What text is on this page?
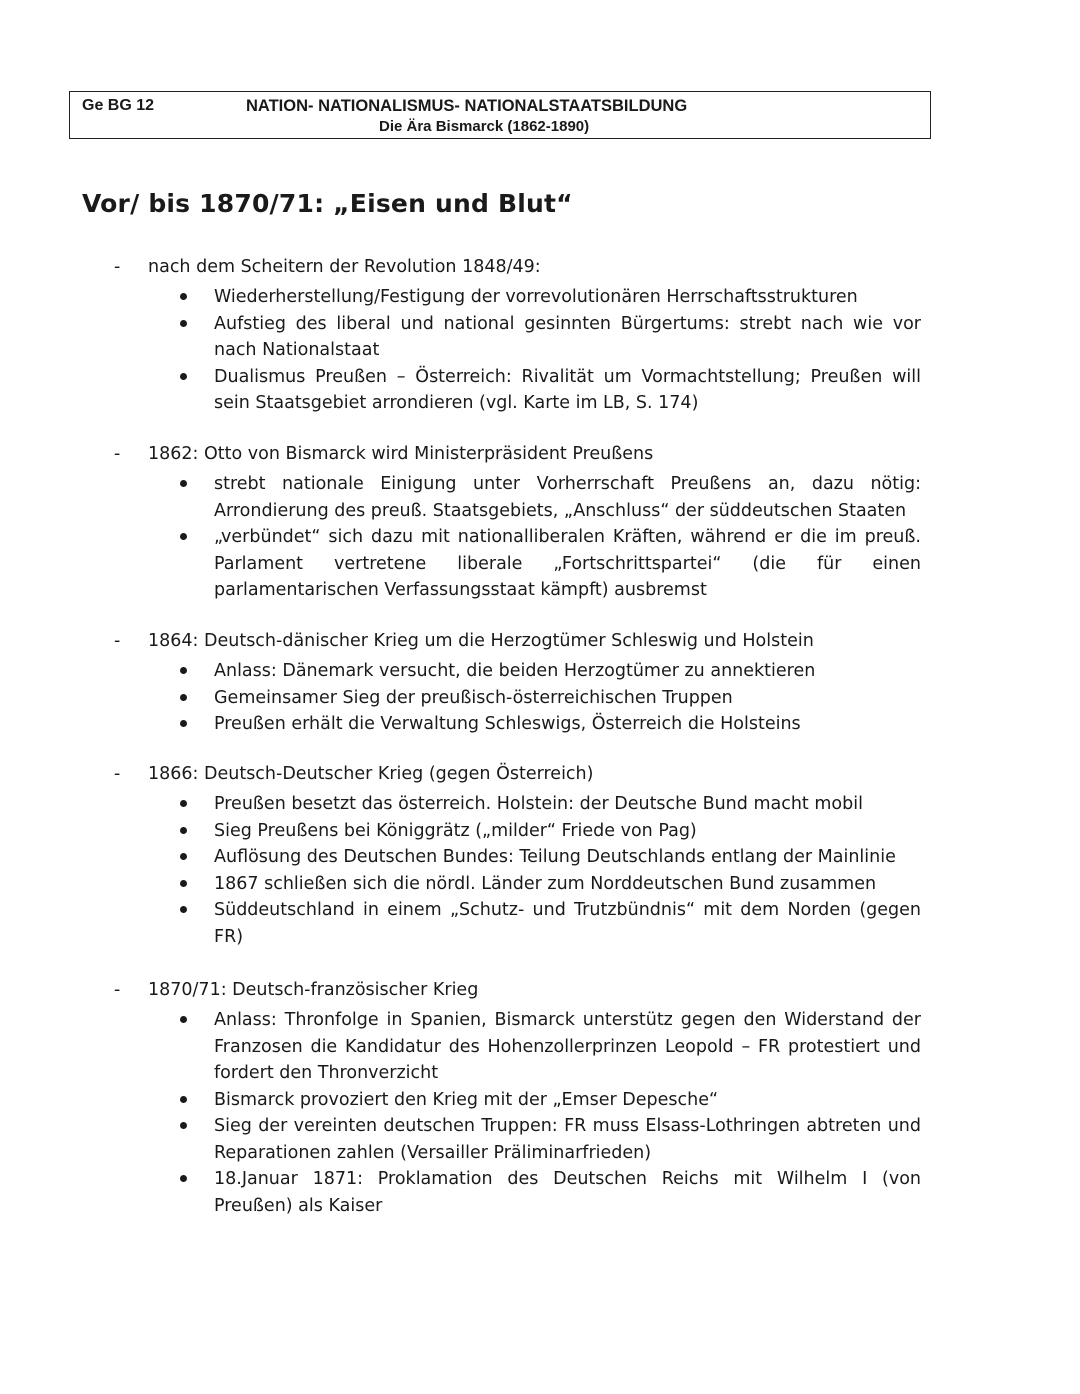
Ge BG 12	NATION- NATIONALISMUS- NATIONALSTAATSBILDUNG
Die Ära Bismarck (1862-1890)
Vor/ bis 1870/71: „Eisen und Blut“
- nach dem Scheitern der Revolution 1848/49:
Wiederherstellung/Festigung der vorrevolutionären Herrschaftsstrukturen
Aufstieg des liberal und national gesinnten Bürgertums: strebt nach wie vor nach Nationalstaat
Dualismus Preußen – Österreich: Rivalität um Vormachtstellung; Preußen will sein Staatsgebiet arrondieren (vgl. Karte im LB, S. 174)
- 1862: Otto von Bismarck wird Ministerpräsident Preußens
strebt nationale Einigung unter Vorherrschaft Preußens an, dazu nötig: Arrondierung des preuß. Staatsgebiets, „Anschluss“ der süddeutschen Staaten
„verbündet“ sich dazu mit nationalliberalen Kräften, während er die im preuß. Parlament vertretene liberale „Fortschrittspartei“ (die für einen parlamentarischen Verfassungsstaat kämpft) ausbremst
- 1864: Deutsch-dänischer Krieg um die Herzogtümer Schleswig und Holstein
Anlass: Dänemark versucht, die beiden Herzogtümer zu annektieren
Gemeinsamer Sieg der preußisch-österreichischen Truppen
Preußen erhält die Verwaltung Schleswigs, Österreich die Holsteins
- 1866: Deutsch-Deutscher Krieg (gegen Österreich)
Preußen besetzt das österreich. Holstein: der Deutsche Bund macht mobil
Sieg Preußens bei Königgrätz („milder“ Friede von Pag)
Auflösung des Deutschen Bundes: Teilung Deutschlands entlang der Mainlinie
1867 schließen sich die nördl. Länder zum Norddeutschen Bund zusammen
Süddeutschland in einem „Schutz- und Trutzbündnis“ mit dem Norden (gegen FR)
- 1870/71: Deutsch-französischer Krieg
Anlass: Thronfolge in Spanien, Bismarck unterstütz gegen den Widerstand der Franzosen die Kandidatur des Hohenzollerprinzen Leopold – FR protestiert und fordert den Thronverzicht
Bismarck provoziert den Krieg mit der „Emser Depesche“
Sieg der vereinten deutschen Truppen: FR muss Elsass-Lothringen abtreten und Reparationen zahlen (Versailler Präliminarfrieden)
18.Januar 1871: Proklamation des Deutschen Reichs mit Wilhelm I (von Preußen) als Kaiser
